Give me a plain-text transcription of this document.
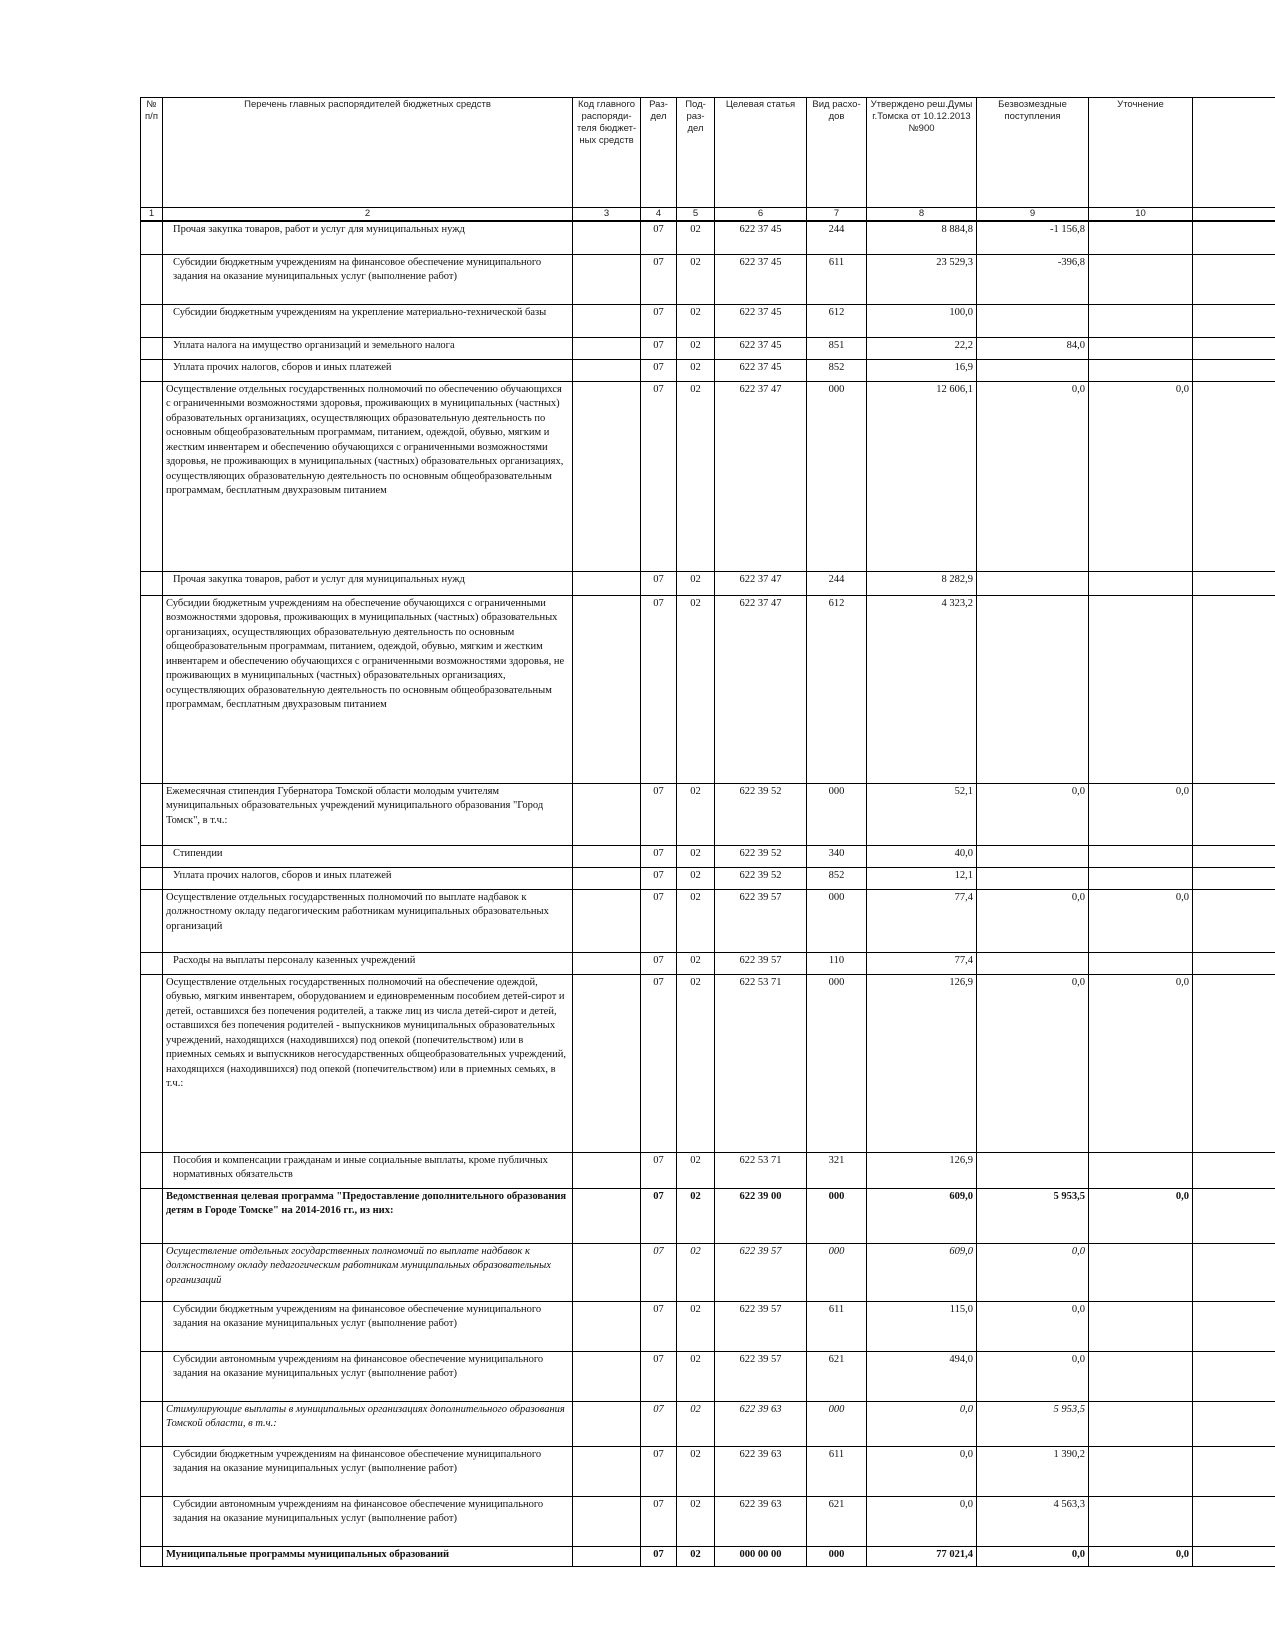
№ п/п	Перечень главных распорядителей бюджетных средств	Код главного распоряди-теля бюджет-ных средств	Раз-дел	Под-раз-дел	Целевая статья	Вид расхо-дов	Утверждено реш.Думы г.Томска от 10.12.2013 №900	Безвозмездные поступления	Уточнение	
1	2	3	4	5	6	7	8	9	10	
	Прочая закупка товаров, работ и услуг для муниципальных нужд		07	02	622 37 45	244	8 884,8	-1 156,8		
	Субсидии бюджетным учреждениям на финансовое обеспечение муниципального задания на оказание муниципальных услуг (выполнение работ)		07	02	622 37 45	611	23 529,3	-396,8		
	Субсидии бюджетным учреждениям на укрепление материально-технической базы		07	02	622 37 45	612	100,0			
	Уплата налога на имущество организаций и земельного налога		07	02	622 37 45	851	22,2	84,0		
	Уплата прочих налогов, сборов и иных платежей		07	02	622 37 45	852	16,9			
	Осуществление отдельных государственных полномочий по обеспечению обучающихся с ограниченными возможностями здоровья, проживающих в муниципальных (частных) образовательных организациях, осуществляющих образовательную деятельность по основным общеобразовательным программам, питанием, одеждой, обувью, мягким и жестким инвентарем и обеспечению обучающихся с ограниченными возможностями здоровья, не проживающих в муниципальных (частных) образовательных организациях, осуществляющих образовательную деятельность по основным общеобразовательным программам, бесплатным двухразовым питанием		07	02	622 37 47	000	12 606,1	0,0	0,0	
	Прочая закупка товаров, работ и услуг для муниципальных нужд		07	02	622 37 47	244	8 282,9			
	Субсидии бюджетным учреждениям на обеспечение обучающихся с ограниченными возможностями здоровья, проживающих в муниципальных (частных) образовательных организациях, осуществляющих образовательную деятельность по основным общеобразовательным программам, питанием, одеждой, обувью, мягким и жестким инвентарем и обеспечению обучающихся с ограниченными возможностями здоровья, не проживающих в муниципальных (частных) образовательных организациях, осуществляющих образовательную деятельность по основным общеобразовательным программам, бесплатным двухразовым питанием		07	02	622 37 47	612	4 323,2			
	Ежемесячная стипендия Губернатора Томской области молодым учителям муниципальных образовательных учреждений муниципального образования "Город Томск", в т.ч.:		07	02	622 39 52	000	52,1	0,0	0,0	
	Стипендии		07	02	622 39 52	340	40,0			
	Уплата прочих налогов, сборов и иных платежей		07	02	622 39 52	852	12,1			
	Осуществление отдельных государственных полномочий по выплате надбавок к должностному окладу педагогическим работникам муниципальных образовательных организаций		07	02	622 39 57	000	77,4	0,0	0,0	
	Расходы на выплаты персоналу казенных учреждений		07	02	622 39 57	110	77,4			
	Осуществление отдельных государственных полномочий на обеспечение одеждой, обувью, мягким инвентарем, оборудованием и единовременным пособием детей-сирот и детей, оставшихся без попечения родителей, а также лиц из числа детей-сирот и детей, оставшихся без попечения родителей - выпускников муниципальных образовательных учреждений, находящихся (находившихся) под опекой (попечительством) или в приемных семьях и выпускников негосударственных общеобразовательных учреждений, находящихся (находившихся) под опекой (попечительством) или в приемных семьях, в т.ч.:		07	02	622 53 71	000	126,9	0,0	0,0	
	Пособия и компенсации гражданам и иные социальные выплаты, кроме публичных нормативных обязательств		07	02	622 53 71	321	126,9			
	Ведомственная целевая программа "Предоставление дополнительного образования детям в Городе Томске" на 2014-2016 гг., из них:		07	02	622 39 00	000	609,0	5 953,5	0,0	
	Осуществление отдельных государственных полномочий по выплате надбавок к должностному окладу педагогическим работникам муниципальных образовательных организаций		07	02	622 39 57	000	609,0	0,0		
	Субсидии бюджетным учреждениям на финансовое обеспечение муниципального задания на оказание муниципальных услуг (выполнение работ)		07	02	622 39 57	611	115,0	0,0		
	Субсидии автономным учреждениям на финансовое обеспечение муниципального задания на оказание муниципальных услуг (выполнение работ)		07	02	622 39 57	621	494,0	0,0		
	Стимулирующие выплаты в муниципальных организациях дополнительного образования Томской области, в т.ч.:		07	02	622 39 63	000	0,0	5 953,5		
	Субсидии бюджетным учреждениям на финансовое обеспечение муниципального задания на оказание муниципальных услуг (выполнение работ)		07	02	622 39 63	611	0,0	1 390,2		
	Субсидии автономным учреждениям на финансовое обеспечение муниципального задания на оказание муниципальных услуг (выполнение работ)		07	02	622 39 63	621	0,0	4 563,3		
	Муниципальные программы муниципальных образований		07	02	000 00 00	000	77 021,4	0,0	0,0	
